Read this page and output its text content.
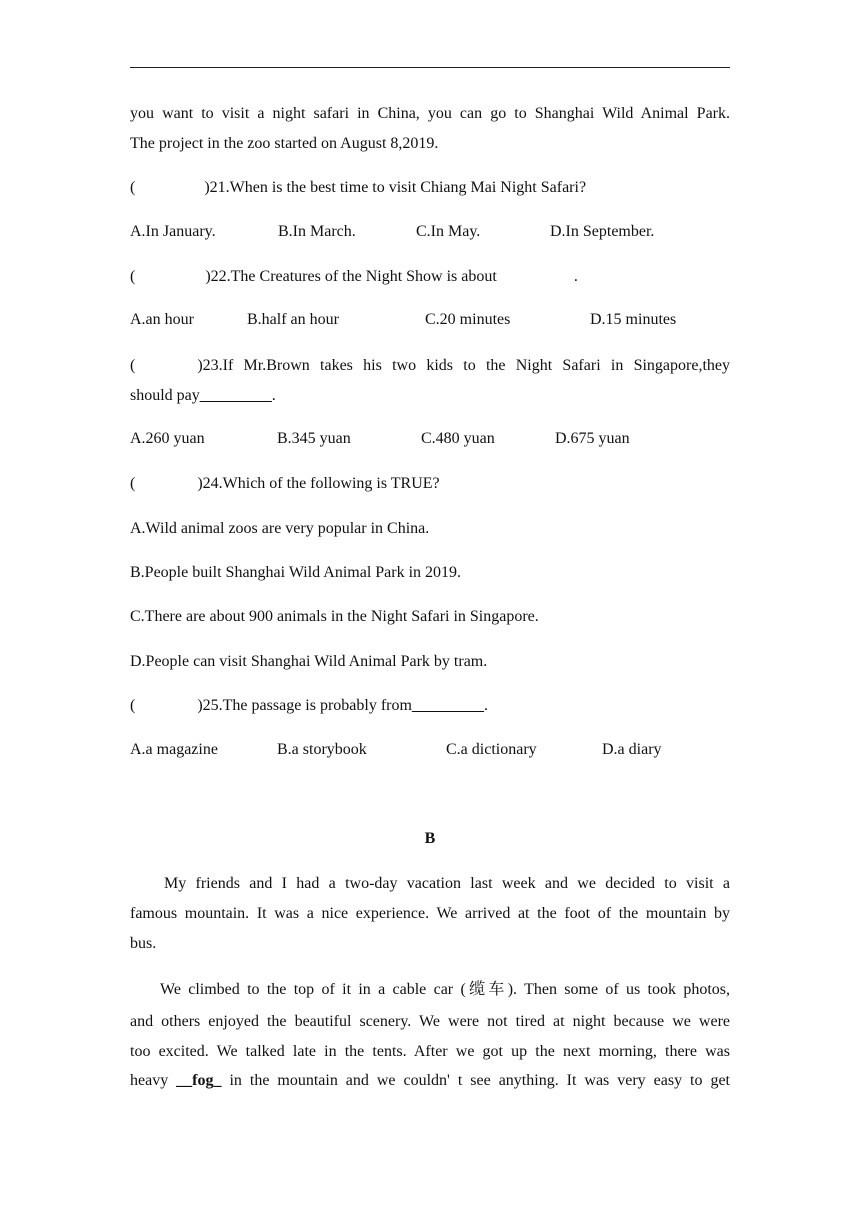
you want to visit a night safari in China, you can go to Shanghai Wild Animal Park.
The project in the zoo started on August 8,2019.
(	)21.When is the best time to visit Chiang Mai Night Safari?
A.In January.	B.In March.	C.In May.	D.In September.
(	)22.The Creatures of the Night Show is about	.
A.an hour	B.half an hour	C.20 minutes	D.15 minutes
(	)23.If Mr.Brown takes his two kids to the Night Safari in Singapore,they
should pay_________.
A.260 yuan	B.345 yuan	C.480 yuan	D.675 yuan
(	)24.Which of the following is TRUE?
A.Wild animal zoos are very popular in China.
B.People built Shanghai Wild Animal Park in 2019.
C.There are about 900 animals in the Night Safari in Singapore.
D.People can visit Shanghai Wild Animal Park by tram.
(	)25.The passage is probably from_________.
A.a magazine	B.a storybook	C.a dictionary	D.a diary
B
My friends and I had a two-day vacation last week and we decided to visit a
famous mountain. It was a nice experience. We arrived at the foot of the mountain by
bus.
We climbed to the top of it in a cable car (缆车). Then some of us took photos,
and others enjoyed the beautiful scenery. We were not tired at night because we were
too excited. We talked late in the tents. After we got up the next morning, there was
heavy __fog_ in the mountain and we couldn' t see anything. It was very easy to get
